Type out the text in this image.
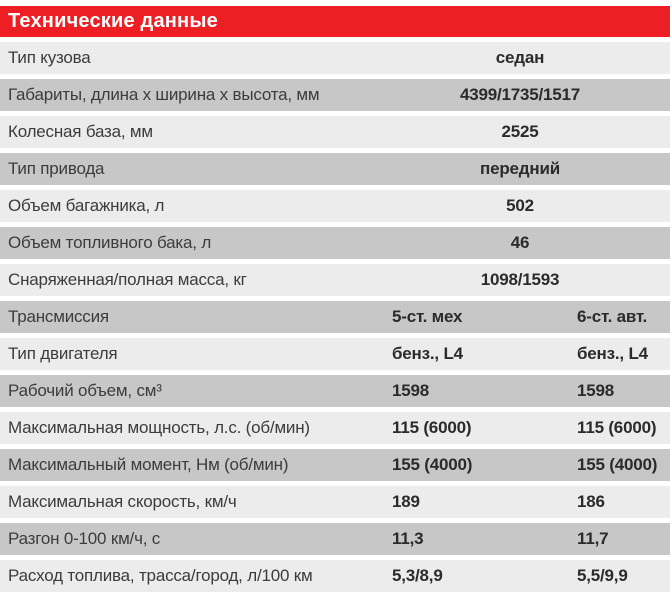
Технические данные
Тип кузова	седан
Габариты, длина х ширина х высота, мм	4399/1735/1517
Колесная база, мм	2525
Тип привода	передний
Объем багажника, л	502
Объем топливного бака, л	46
Снаряженная/полная масса, кг	1098/1593
Трансмиссия	5-ст. мех	6-ст. авт.
Тип двигателя	бенз., L4	бенз., L4
Рабочий объем, см³	1598	1598
Максимальная мощность, л.с. (об/мин)	115 (6000)	115 (6000)
Максимальный момент, Нм (об/мин)	155 (4000)	155 (4000)
Максимальная скорость, км/ч	189	186
Разгон 0-100 км/ч, с	11,3	11,7
Расход топлива, трасса/город, л/100 км	5,3/8,9	5,5/9,9
